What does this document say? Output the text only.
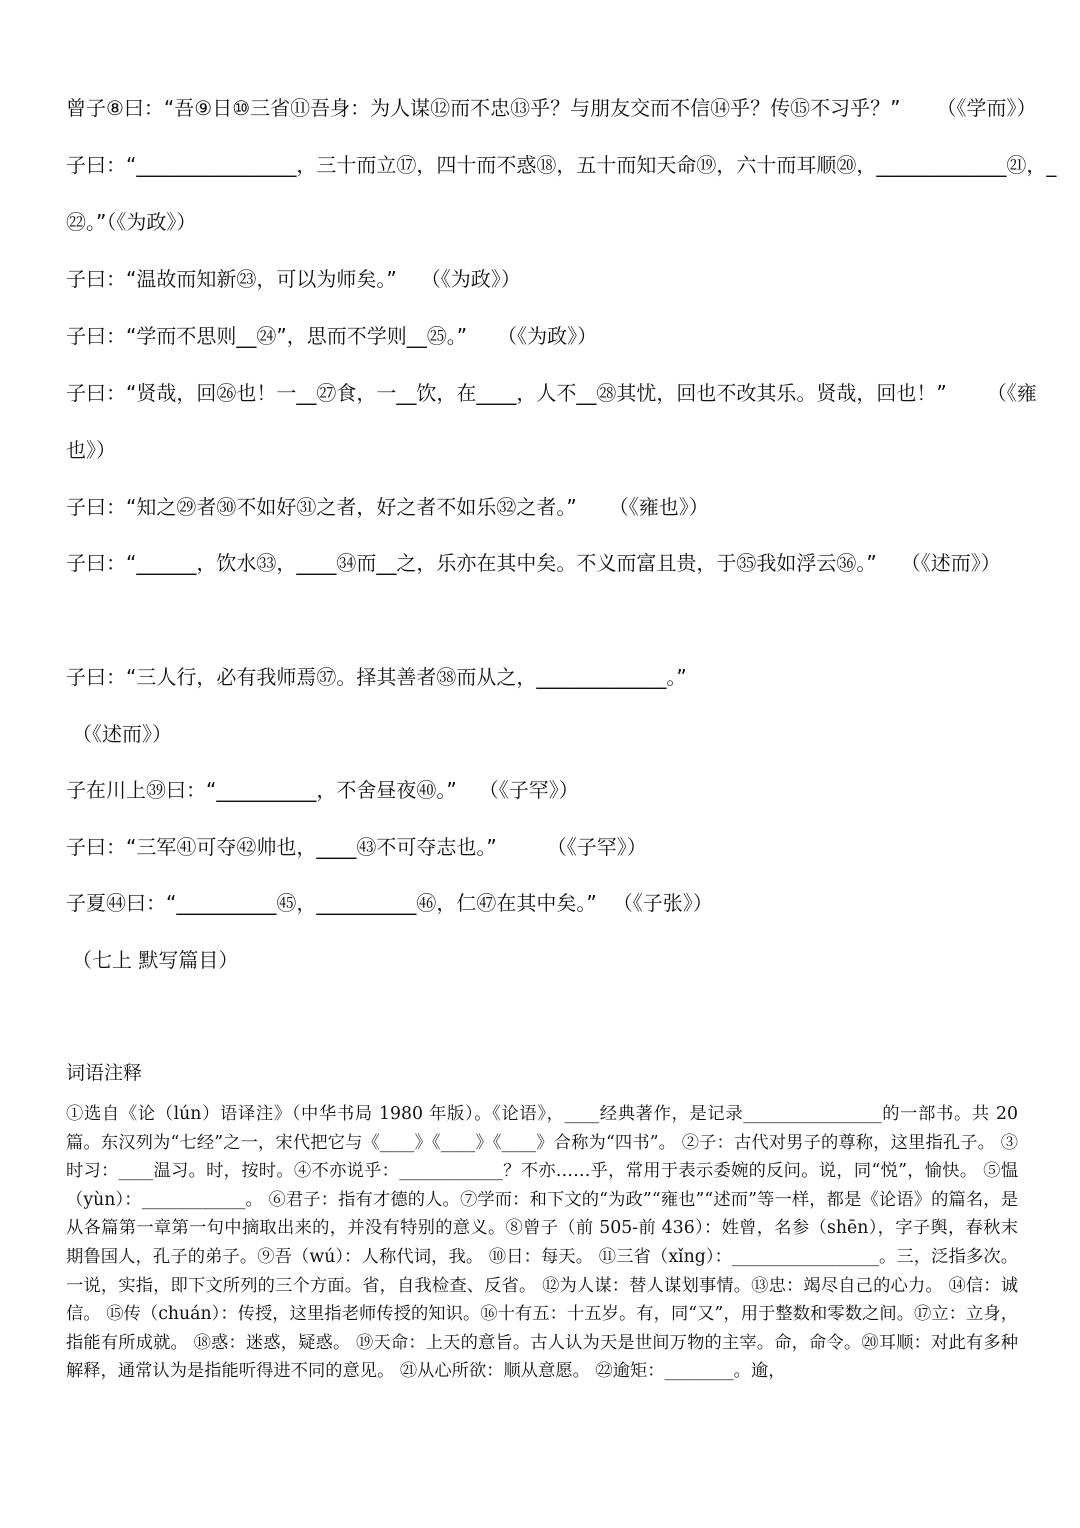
曾子⑧曰：“吾⑨日⑩三省⑪吾身：为人谋⑫而不忠⑬乎？与朋友交而不信⑭乎？传⑮不习乎？” （《学而》）
子曰：“________________，三十而立⑰，四十而不惑⑱，五十而知天命⑲，六十而耳顺⑳，_____________㉑，_
㉒。”（《为政》）
子曰：“温故而知新㉓，可以为师矣。” （《为政》）
子曰：“学而不思则__㉔”，思而不学则__㉕。” （《为政》）
子曰：“贤哉，回㉖也！一__㉗食，一__饮，在____，人不__㉘其忧，回也不改其乐。贤哉，回也！” （《雍
也》）
子曰：“知之㉙者㉚不如好㉛之者，好之者不如乐㉜之者。” （《雍也》）
子曰：“______，饮水㉝，____㉞而__之，乐亦在其中矣。不义而富且贵，于㉟我如浮云㊱。” （《述而》）
子曰：“三人行，必有我师焉㊲。择其善者㊳而从之，_____________。”
（《述而》）
子在川上㊴曰：“__________，不舍昼夜㊵。” （《子罕》）
子曰：“三军㊶可夺㊷帅也，____㊸不可夺志也。”	（《子罕》）
子夏㊹曰：“__________㊺，__________㊻，仁㊼在其中矣。” （《子张》）
（七上 默写篇目）
词语注释
①选自《论（lún）语译注》（中华书局 1980 年版）。《论语》，____经典著作，是记录________________的一部书。共 20 篇。东汉列为“七经”之一，宋代把它与《____》《____》《____》合称为“四书”。 ②子：古代对男子的尊称，这里指孔子。 ③时习：____温习。时，按时。④不亦说乎：____________？不亦……乎，常用于表示委婉的反问。说，同“悦”，愉快。 ⑤愠（yùn）：____________。 ⑥君子：指有才德的人。⑦学而：和下文的“为政”“雍也”“述而”等一样，都是《论语》的篇名，是从各篇第一章第一句中摘取出来的，并没有特别的意义。⑧曾子（前 505-前 436）：姓曾，名参（shēn），字子舆，春秋末期鲁国人，孔子的弟子。⑨吾（wú）：人称代词，我。 ⑩日：每天。 ⑪三省（xǐng）：_________________。三，泛指多次。一说，实指，即下文所列的三个方面。省，自我检查、反省。 ⑫为人谋：替人谋划事情。⑬忠：竭尽自己的心力。 ⑭信：诚信。 ⑮传（chuán）：传授，这里指老师传授的知识。⑯十有五：十五岁。有，同“又”，用于整数和零数之间。⑰立：立身，指能有所成就。 ⑱惑：迷惑，疑惑。 ⑲天命：上天的意旨。古人认为天是世间万物的主宰。命，命令。⑳耳顺：对此有多种解释，通常认为是指能听得进不同的意见。 ㉑从心所欲：顺从意愿。 ㉒逾矩：________。逾，
